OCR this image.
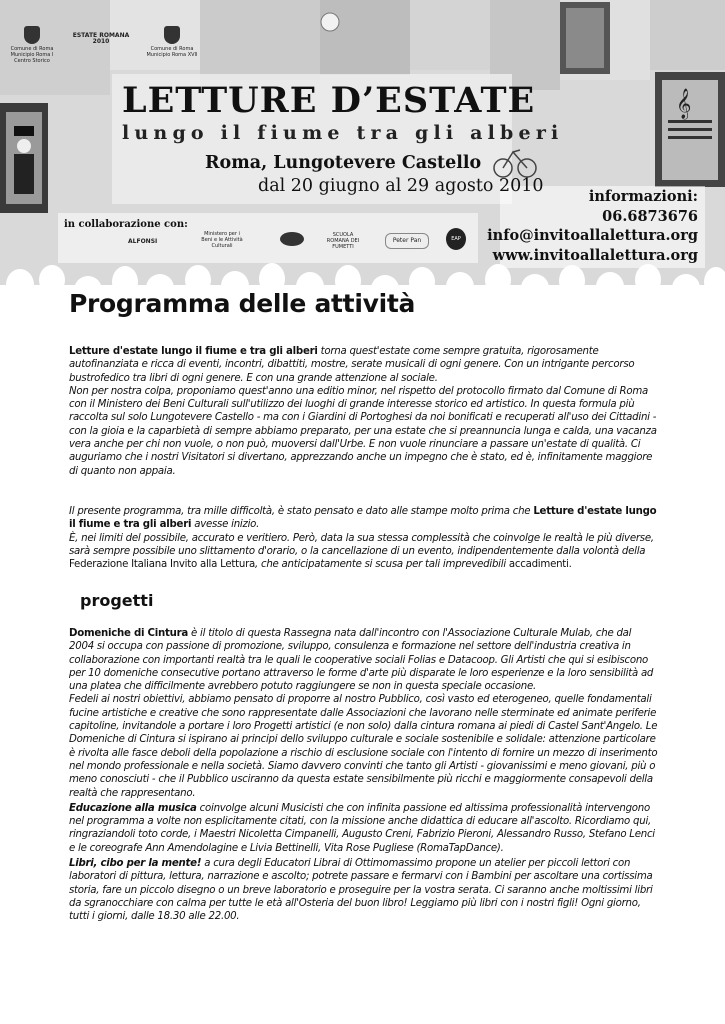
𝄞
Comune di Roma
Municipio Roma I Centro Storico
ESTATE ROMANA
2010
Comune di Roma
Municipio Roma XVII
LETTURE D’ESTATE
lungo il fiume tra gli alberi
Roma, Lungotevere Castello
dal 20 giugno al 29 agosto 2010
informazioni:
06.6873676
info@invitoallalettura.org
www.invitoallalettura.org
in collaborazione con:
ALFONSI
Ministero per i Beni e le Attività Culturali
SCUOLA ROMANA DEI FUMETTI
Peter Pan	EAP
Programma delle attività

Letture d'estate lungo il fiume e tra gli alberi torna quest'estate come sempre gratuita, rigorosamente autofinanziata e ricca di eventi, incontri, dibattiti, mostre, serate musicali di ogni genere. Con un intrigante percorso bustrofedico tra libri di ogni genere. E con una grande attenzione al sociale.

Non per nostra colpa, proponiamo quest'anno una editio minor, nel rispetto del protocollo firmato dal Comune di Roma con il Ministero dei Beni Culturali sull'utilizzo dei luoghi di grande interesse storico ed artistico. In questa formula più raccolta sul solo Lungotevere Castello - ma con i Giardini di Portoghesi da noi bonificati e recuperati all'uso dei Cittadini - con la gioia e la caparbietà di sempre abbiamo preparato, per una estate che si preannuncia lunga e calda, una vacanza vera anche per chi non vuole, o non può, muoversi dall'Urbe. E non vuole rinunciare a passare un'estate di qualità. Ci auguriamo che i nostri Visitatori si divertano, apprezzando anche un impegno che è stato, ed è, infinitamente maggiore di quanto non appaia.

Il presente programma, tra mille difficoltà, è stato pensato e dato alle stampe molto prima che Letture d'estate lungo il fiume e tra gli alberi avesse inizio.

È, nei limiti del possibile, accurato e veritiero. Però, data la sua stessa complessità che coinvolge le realtà le più diverse, sarà sempre possibile uno slittamento d'orario, o la cancellazione di un evento, indipendentemente dalla volontà della Federazione Italiana Invito alla Lettura, che anticipatamente si scusa per tali imprevedibili accadimenti.

progetti

Domeniche di Cintura è il titolo di questa Rassegna nata dall'incontro con l'Associazione Culturale Mulab, che dal 2004 si occupa con passione di promozione, sviluppo, consulenza e formazione nel settore dell'industria creativa in collaborazione con importanti realtà tra le quali le cooperative sociali Folias e Datacoop. Gli Artisti che qui si esibiscono per 10 domeniche consecutive portano attraverso le forme d'arte più disparate le loro esperienze e la loro sensibilità ad una platea che difficilmente avrebbero potuto raggiungere se non in questa speciale occasione.

Fedeli ai nostri obiettivi, abbiamo pensato di proporre al nostro Pubblico, così vasto ed eterogeneo, quelle fondamentali fucine artistiche e creative che sono rappresentate dalle Associazioni che lavorano nelle sterminate ed animate periferie capitoline, invitandole a portare i loro Progetti artistici (e non solo) dalla cintura romana ai piedi di Castel Sant'Angelo. Le Domeniche di Cintura si ispirano ai principi dello sviluppo culturale e sociale sostenibile e solidale: attenzione particolare è rivolta alle fasce deboli della popolazione a rischio di esclusione sociale con l'intento di fornire un mezzo di inserimento nel mondo professionale e nella società. Siamo davvero convinti che tanto gli Artisti - giovanissimi e meno giovani, più o meno conosciuti - che il Pubblico usciranno da questa estate sensibilmente più ricchi e maggiormente consapevoli della realtà che rappresentano.

Educazione alla musica coinvolge alcuni Musicisti che con infinita passione ed altissima professionalità intervengono nel programma a volte non esplicitamente citati, con la missione anche didattica di educare all'ascolto. Ricordiamo qui, ringraziandoli toto corde, i Maestri Nicoletta Cimpanelli, Augusto Creni, Fabrizio Pieroni, Alessandro Russo, Stefano Lenci e le coreografe Ann Amendolagine e Livia Bettinelli, Vita Rose Pugliese (RomaTapDance).

Libri, cibo per la mente! a cura degli Educatori Librai di Ottimomassimo propone un atelier per piccoli lettori con laboratori di pittura, lettura, narrazione e ascolto; potrete passare e fermarvi con i Bambini per ascoltare una cortissima storia, fare un piccolo disegno o un breve laboratorio e proseguire per la vostra serata. Ci saranno anche moltissimi libri da sgranocchiare con calma per tutte le età all'Osteria del buon libro! Leggiamo più libri con i nostri figli! Ogni giorno, tutti i giorni, dalle 18.30 alle 22.00.
